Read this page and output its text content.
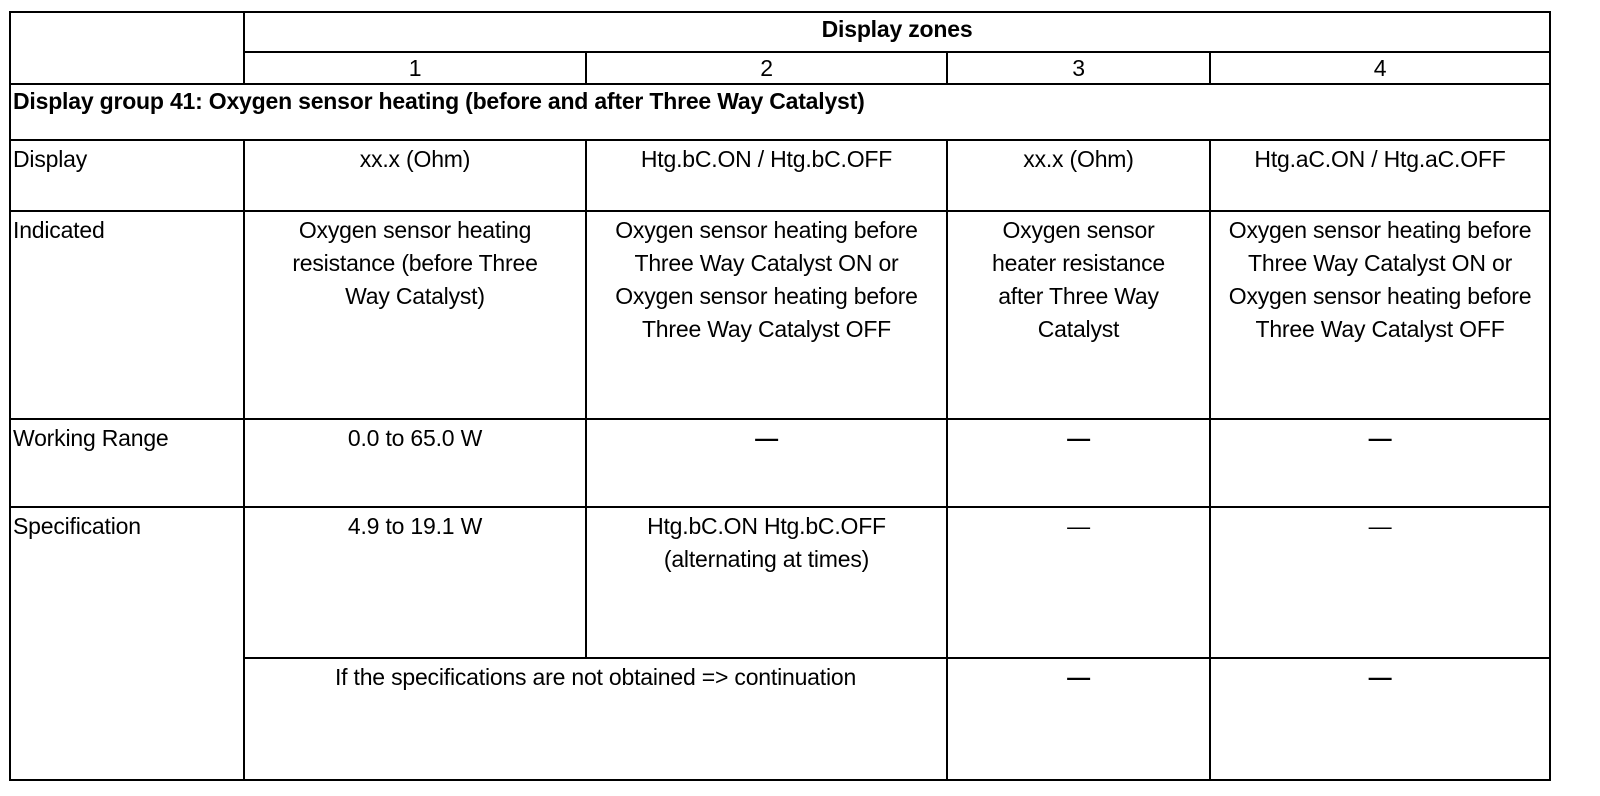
	Display zones			
	1	2	3	4
Display group 41: Oxygen sensor heating (before and after Three Way Catalyst)				
Display	xx.x (Ohm)	Htg.bC.ON / Htg.bC.OFF	xx.x (Ohm)	Htg.aC.ON / Htg.aC.OFF
Indicated	Oxygen sensor heating resistance (before Three Way Catalyst)	Oxygen sensor heating before Three Way Catalyst ON or Oxygen sensor heating before Three Way Catalyst OFF	Oxygen sensor heater resistance after Three Way Catalyst	Oxygen sensor heating before Three Way Catalyst ON or Oxygen sensor heating before Three Way Catalyst OFF
Working Range	0.0 to 65.0 W	—	—	—
Specification	4.9 to 19.1 W	Htg.bC.ON Htg.bC.OFF (alternating at times)	—	—
	If the specifications are not obtained => continuation		—	—
